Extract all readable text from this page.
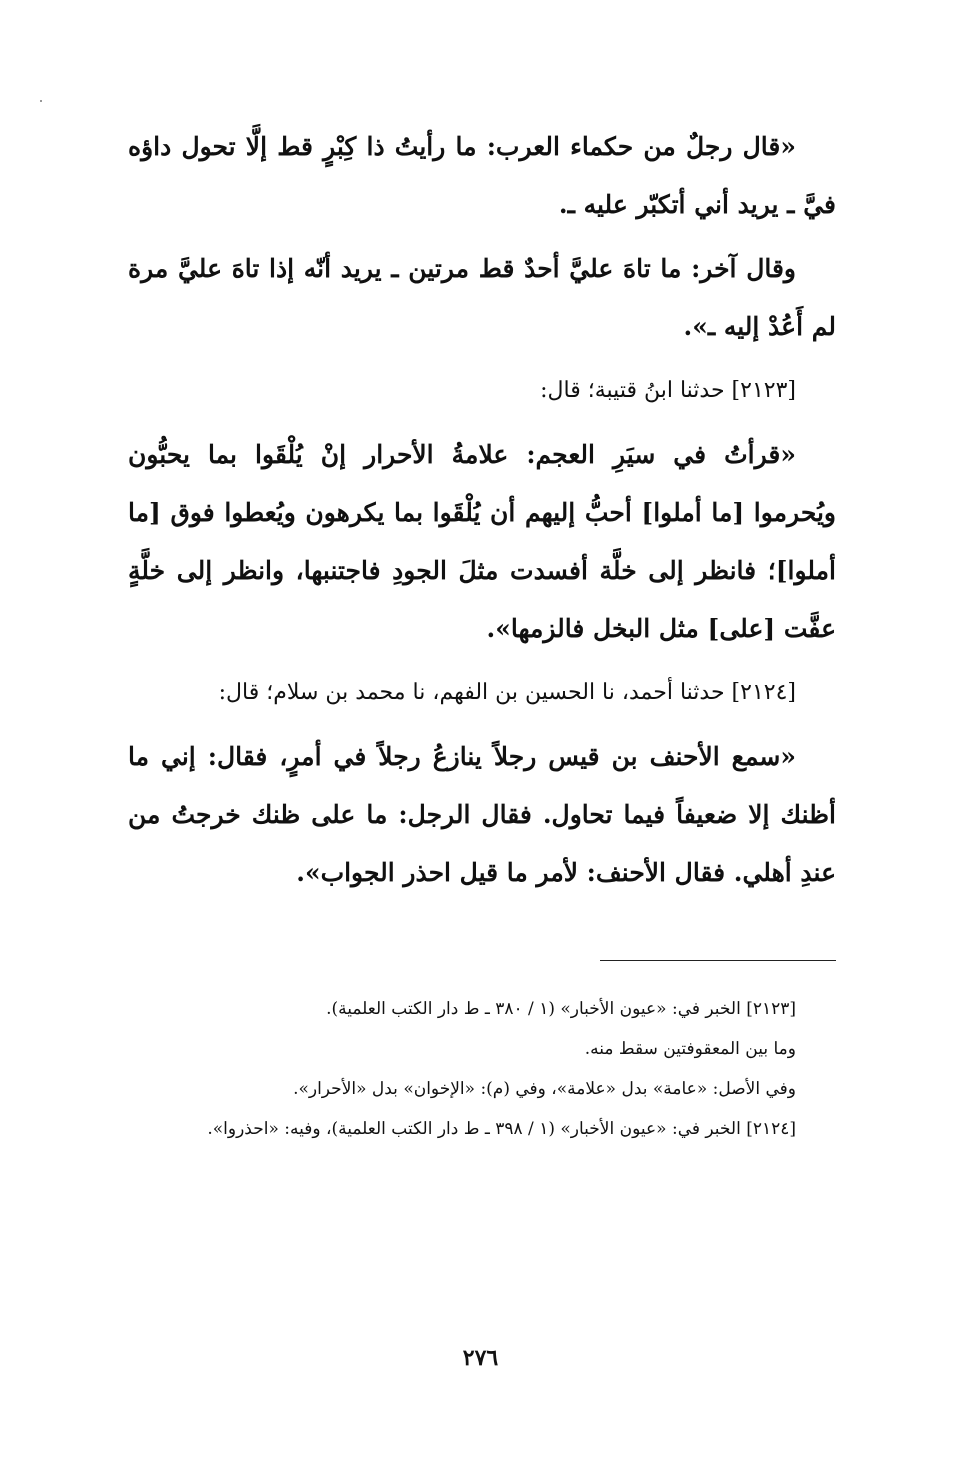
«قال رجلٌ من حكماء العرب: ما رأيتُ ذا كِبْرٍ قط إلَّا تحول داؤه فيَّ ـ يريد أني أتكبّر عليه ـ.

وقال آخر: ما تاهَ عليَّ أحدٌ قط مرتين ـ يريد أنّه إذا تاهَ عليَّ مرة لم أَعُدْ إليه ـ».

[٢١٢٣] حدثنا ابنُ قتيبة؛ قال:

«قرأتُ في سيَرِ العجم: علامةُ الأحرار إنْ يُلْقَوا بما يحبُّون ويُحرموا [ما أملوا] أحبُّ إليهم أن يُلْقَوا بما يكرهون ويُعطوا فوق [ما أملوا]؛ فانظر إلى خلَّة أفسدت مثلَ الجودِ فاجتنبها، وانظر إلى خلَّةٍ عفَّت [على] مثل البخل فالزمها».

[٢١٢٤] حدثنا أحمد، نا الحسين بن الفهم، نا محمد بن سلام؛ قال:

«سمع الأحنف بن قيس رجلاً ينازعُ رجلاً في أمرٍ، فقال: إني ما أظنك إلا ضعيفاً فيما تحاول. فقال الرجل: ما على ظنك خرجتُ من عندِ أهلي. فقال الأحنف: لأمر ما قيل احذر الجواب».

[٢١٢٣] الخبر في: «عيون الأخبار» (١ / ٣٨٠ ـ ط دار الكتب العلمية).

وما بين المعقوفتين سقط منه.

وفي الأصل: «عامة» بدل «علامة»، وفي (م): «الإخوان» بدل «الأحرار».

[٢١٢٤] الخبر في: «عيون الأخبار» (١ / ٣٩٨ ـ ط دار الكتب العلمية)، وفيه: «احذروا».

٢٧٦
